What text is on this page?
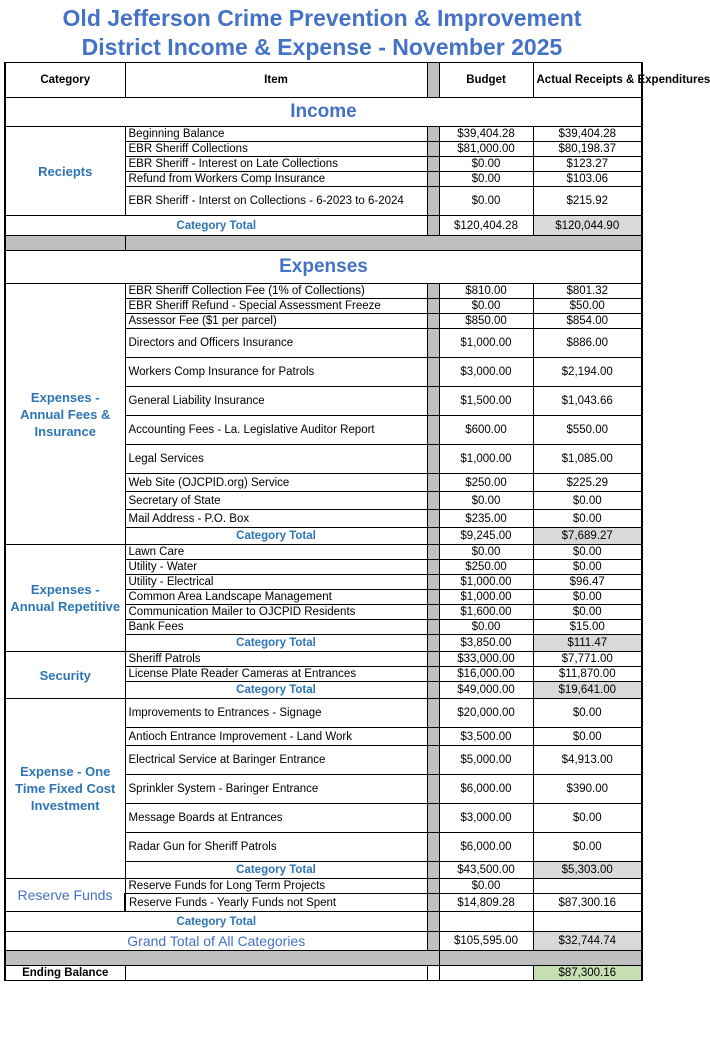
Old Jefferson Crime Prevention & Improvement
District Income & Expense - November 2025
Category	Item		Budget	Actual Receipts & Expenditures
Income				
Reciepts	Beginning Balance		$39,404.28	$39,404.28
	EBR Sheriff Collections		$81,000.00	$80,198.37
	EBR Sheriff - Interest on Late Collections		$0.00	$123.27
	Refund from Workers Comp Insurance		$0.00	$103.06
	EBR Sheriff - Interst on Collections - 6-2023 to 6-2024		$0.00	$215.92
Category Total			$120,404.28	$120,044.90

Expenses				
Expenses - Annual Fees & Insurance	EBR Sheriff Collection Fee (1% of Collections)		$810.00	$801.32
	EBR Sheriff Refund - Special Assessment Freeze		$0.00	$50.00
	Assessor Fee ($1 per parcel)		$850.00	$854.00
	Directors and Officers Insurance		$1,000.00	$886.00
	Workers Comp Insurance for Patrols		$3,000.00	$2,194.00
	General Liability Insurance		$1,500.00	$1,043.66
	Accounting Fees - La. Legislative Auditor Report		$600.00	$550.00
	Legal Services		$1,000.00	$1,085.00
	Web Site (OJCPID.org) Service		$250.00	$225.29
	Secretary of State		$0.00	$0.00
	Mail Address - P.O. Box		$235.00	$0.00
	Category Total		$9,245.00	$7,689.27
Expenses - Annual Repetitive	Lawn Care		$0.00	$0.00
	Utility - Water		$250.00	$0.00
	Utility - Electrical		$1,000.00	$96.47
	Common Area Landscape Management		$1,000.00	$0.00
	Communication Mailer to OJCPID Residents		$1,600.00	$0.00
	Bank Fees		$0.00	$15.00
	Category Total		$3,850.00	$111.47
Security	Sheriff Patrols		$33,000.00	$7,771.00
	License Plate Reader Cameras at Entrances		$16,000.00	$11,870.00
	Category Total		$49,000.00	$19,641.00
Expense - One Time Fixed Cost Investment	Improvements to Entrances - Signage		$20,000.00	$0.00
	Antioch Entrance Improvement - Land Work		$3,500.00	$0.00
	Electrical Service at Baringer Entrance		$5,000.00	$4,913.00
	Sprinkler System - Baringer Entrance		$6,000.00	$390.00
	Message Boards at Entrances		$3,000.00	$0.00
	Radar Gun for Sheriff Patrols		$6,000.00	$0.00
	Category Total		$43,500.00	$5,303.00
Reserve Funds	Reserve Funds for Long Term Projects		$0.00	
	Reserve Funds - Yearly Funds not Spent		$14,809.28	$87,300.16
Category Total				
Grand Total of All Categories			$105,595.00	$32,744.74

Ending Balance				$87,300.16
